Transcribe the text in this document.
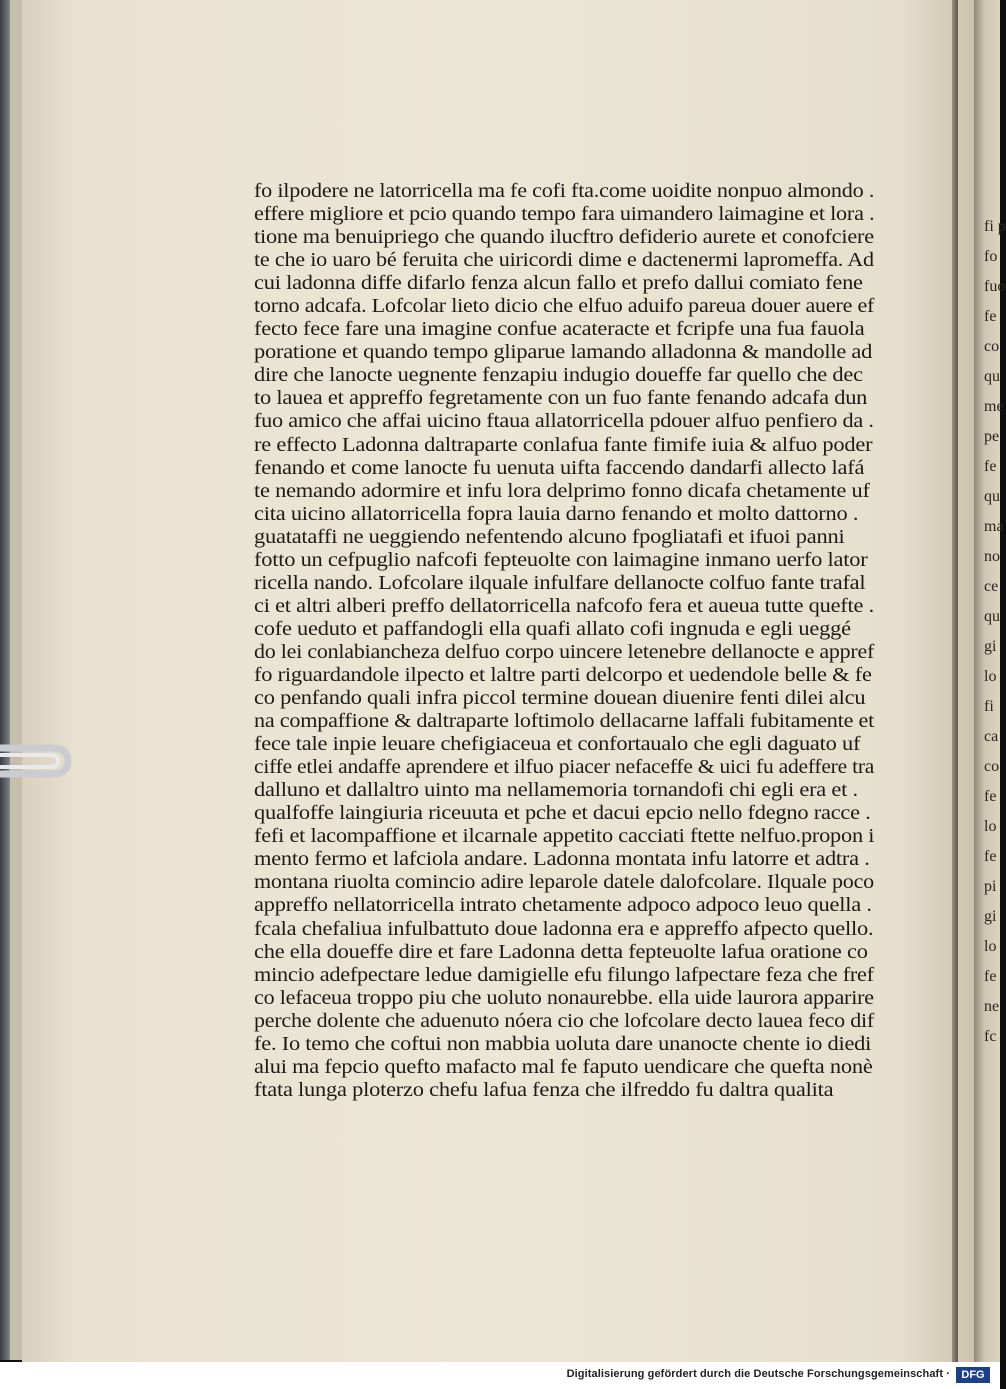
fo ilpodere ne latorricella ma fe cofi fta.come uoidite nonpuo almondo .
effere migliore et pcio quando tempo fara uimandero laimagine et lora .
tione ma benuipriego che quando ilucftro defiderio aurete et conofciere
te che io uaro bé feruita che uiricordi dime e dactenermi lapromeffa. Ad
cui ladonna diffe difarlo fenza alcun fallo et prefo dallui comiato fene
torno adcafa. Lofcolar lieto dicio che elfuo aduifo pareua douer auere ef
fecto fece fare una imagine confue acateracte et fcripfe una fua fauola
poratione et quando tempo gliparue lamando alladonna & mandolle ad
dire che lanocte uegnente fenzapiu indugio doueffe far quello che dec
to lauea et appreffo fegretamente con un fuo fante fenando adcafa dun
fuo amico che affai uicino ftaua allatorricella pdouer alfuo penfiero da .
re effecto Ladonna daltraparte conlafua fante fimife iuia & alfuo poder
fenando et come lanocte fu uenuta uifta faccendo dandarfi allecto lafá
te nemando adormire et infu lora delprimo fonno dicafa chetamente uf
cita uicino allatorricella fopra lauia darno fenando et molto dattorno .
guatataffi ne ueggiendo nefentendo alcuno fpogliatafi et ifuoi panni
fotto un cefpuglio nafcofi fepteuolte con laimagine inmano uerfo lator
ricella nando. Lofcolare ilquale infulfare dellanocte colfuo fante trafal
ci et altri alberi preffo dellatorricella nafcofo fera et aueua tutte quefte .
cofe ueduto et paffandogli ella quafi allato cofi ingnuda e egli ueggé
do lei conlabiancheza delfuo corpo uincere letenebre dellanocte e appref
fo riguardandole ilpecto et laltre parti delcorpo et uedendole belle & fe
co penfando quali infra piccol termine douean diuenire fenti dilei alcu
na compaffione & daltraparte loftimolo dellacarne laffali fubitamente et
fece tale inpie leuare chefigiaceua et confortaualo che egli daguato uf
ciffe etlei andaffe aprendere et ilfuo piacer nefaceffe & uici fu adeffere tra
dalluno et dallaltro uinto ma nellamemoria tornandofi chi egli era et .
qualfoffe laingiuria riceuuta et pche et dacui epcio nello fdegno racce .
fefi et lacompaffione et ilcarnale appetito cacciati ftette nelfuo.propon i
mento fermo et lafciola andare. Ladonna montata infu latorre et adtra .
montana riuolta comincio adire leparole datele dalofcolare. Ilquale poco
appreffo nellatorricella intrato chetamente adpoco adpoco leuo quella .
fcala chefaliua infulbattuto doue ladonna era e appreffo afpecto quello.
che ella doueffe dire et fare Ladonna detta fepteuolte lafua oratione co
mincio adefpectare ledue damigielle efu filungo lafpectare feza che fref
co lefaceua troppo piu che uoluto nonaurebbe. ella uide laurora apparire
perche dolente che aduenuto nóera cio che lofcolare decto lauea feco dif
fe. Io temo che coftui non mabbia uoluta dare unanocte chente io diedi
alui ma fepcio quefto mafacto mal fe faputo uendicare che quefta nonè
ftata lunga ploterzo chefu lafua fenza che ilfreddo fu daltra qualita
fi p
fo
fuo
fe
co
qu
me
pe
fe
qu
ma
no
ce
qu
gi
lo
fi
ca
co
fe
lo
fe
pi
gi
lo
fe
ne
fc
Digitalisierung gefördert durch die Deutsche Forschungsgemeinschaft ·	DFG
